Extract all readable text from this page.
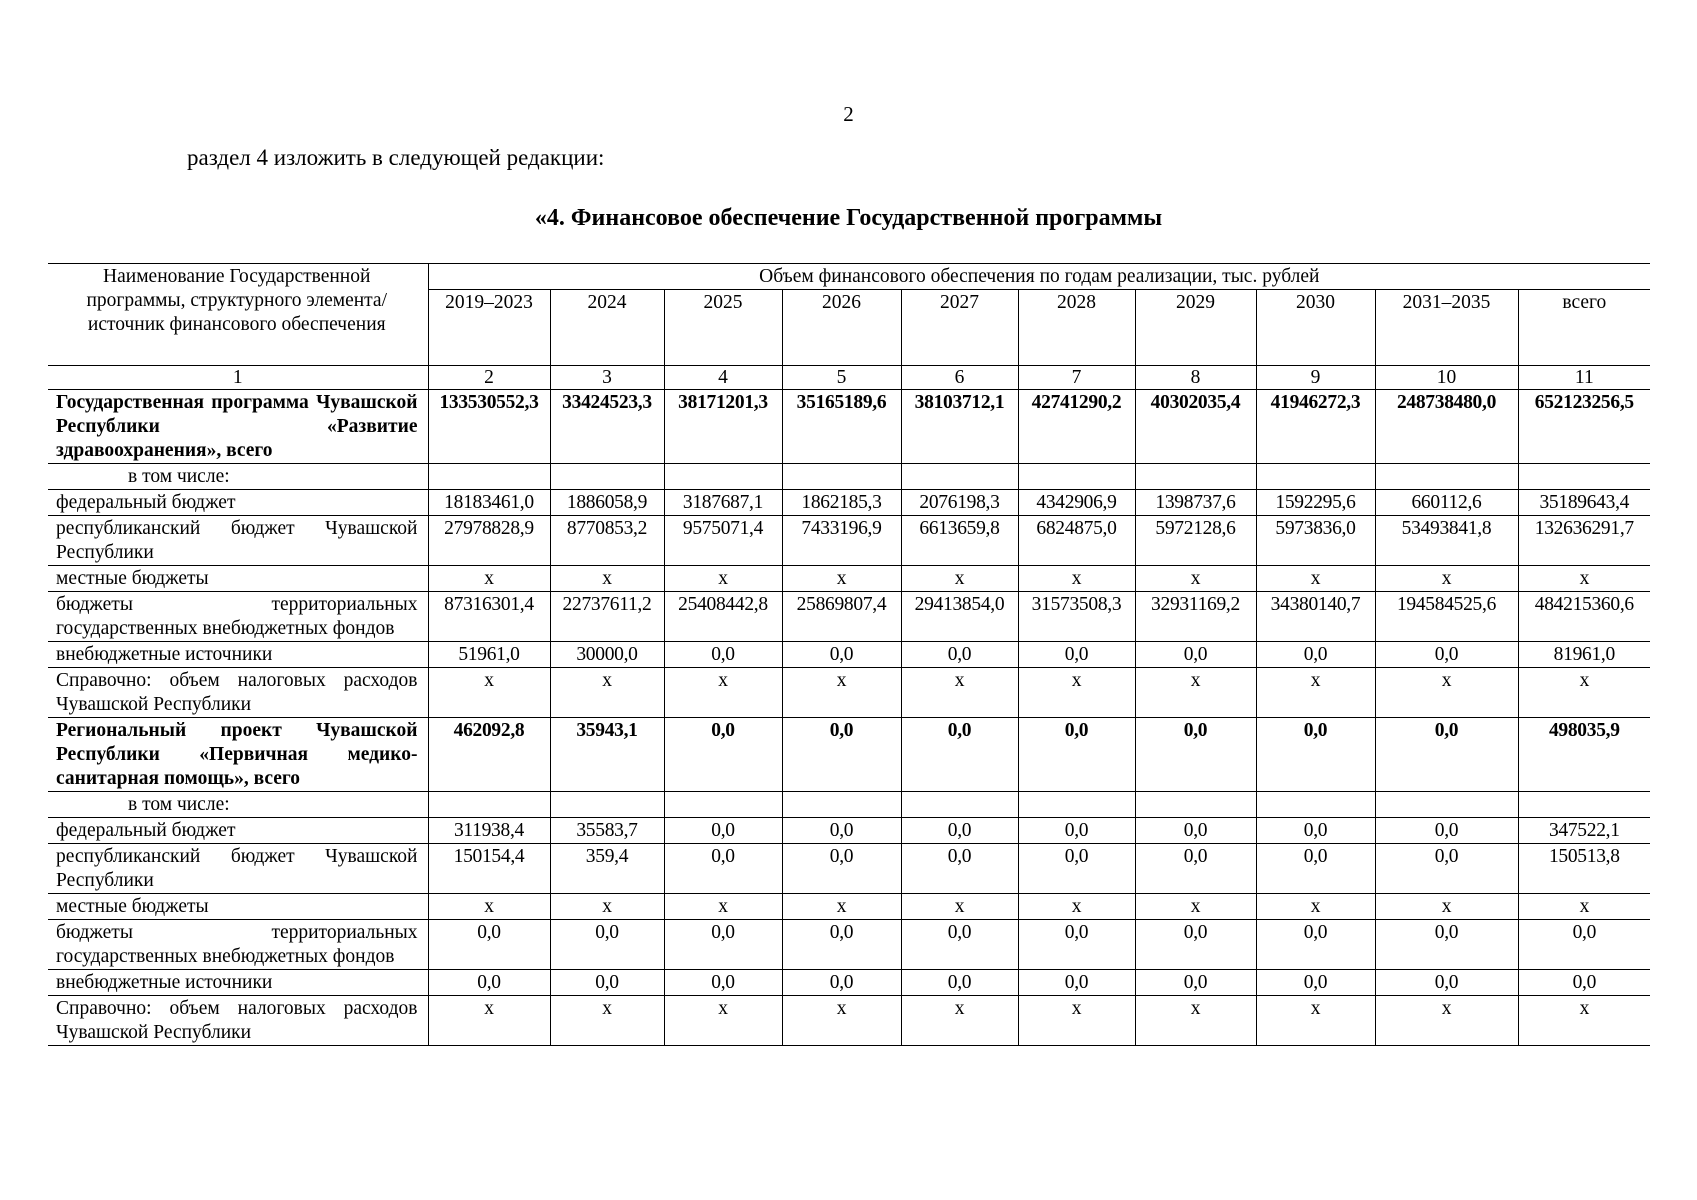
2
раздел 4 изложить в следующей редакции:
«4. Финансовое обеспечение Государственной программы
Наименование Государственной программы, структурного элемента/источник финансового обеспечения	Объем финансового обеспечения по годам реализации, тыс. рублей									
	2019–2023	2024	2025	2026	2027	2028	2029	2030	2031–2035	всего
1	2	3	4	5	6	7	8	9	10	11
Государственная программа Чувашской Республики «Развитие здравоохранения», всего	133530552,3	33424523,3	38171201,3	35165189,6	38103712,1	42741290,2	40302035,4	41946272,3	248738480,0	652123256,5
в том числе:										
федеральный бюджет	18183461,0	1886058,9	3187687,1	1862185,3	2076198,3	4342906,9	1398737,6	1592295,6	660112,6	35189643,4
республиканский бюджет Чувашской Республики	27978828,9	8770853,2	9575071,4	7433196,9	6613659,8	6824875,0	5972128,6	5973836,0	53493841,8	132636291,7
местные бюджеты	x	x	x	x	x	x	x	x	x	x
бюджеты территориальных государственных внебюджетных фондов	87316301,4	22737611,2	25408442,8	25869807,4	29413854,0	31573508,3	32931169,2	34380140,7	194584525,6	484215360,6
внебюджетные источники	51961,0	30000,0	0,0	0,0	0,0	0,0	0,0	0,0	0,0	81961,0
Справочно: объем налоговых расходов Чувашской Республики	x	x	x	x	x	x	x	x	x	x
Региональный проект Чувашской Республики «Первичная медико-санитарная помощь», всего	462092,8	35943,1	0,0	0,0	0,0	0,0	0,0	0,0	0,0	498035,9
в том числе:										
федеральный бюджет	311938,4	35583,7	0,0	0,0	0,0	0,0	0,0	0,0	0,0	347522,1
республиканский бюджет Чувашской Республики	150154,4	359,4	0,0	0,0	0,0	0,0	0,0	0,0	0,0	150513,8
местные бюджеты	x	x	x	x	x	x	x	x	x	x
бюджеты территориальных государственных внебюджетных фондов	0,0	0,0	0,0	0,0	0,0	0,0	0,0	0,0	0,0	0,0
внебюджетные источники	0,0	0,0	0,0	0,0	0,0	0,0	0,0	0,0	0,0	0,0
Справочно: объем налоговых расходов Чувашской Республики	x	x	x	x	x	x	x	x	x	x
